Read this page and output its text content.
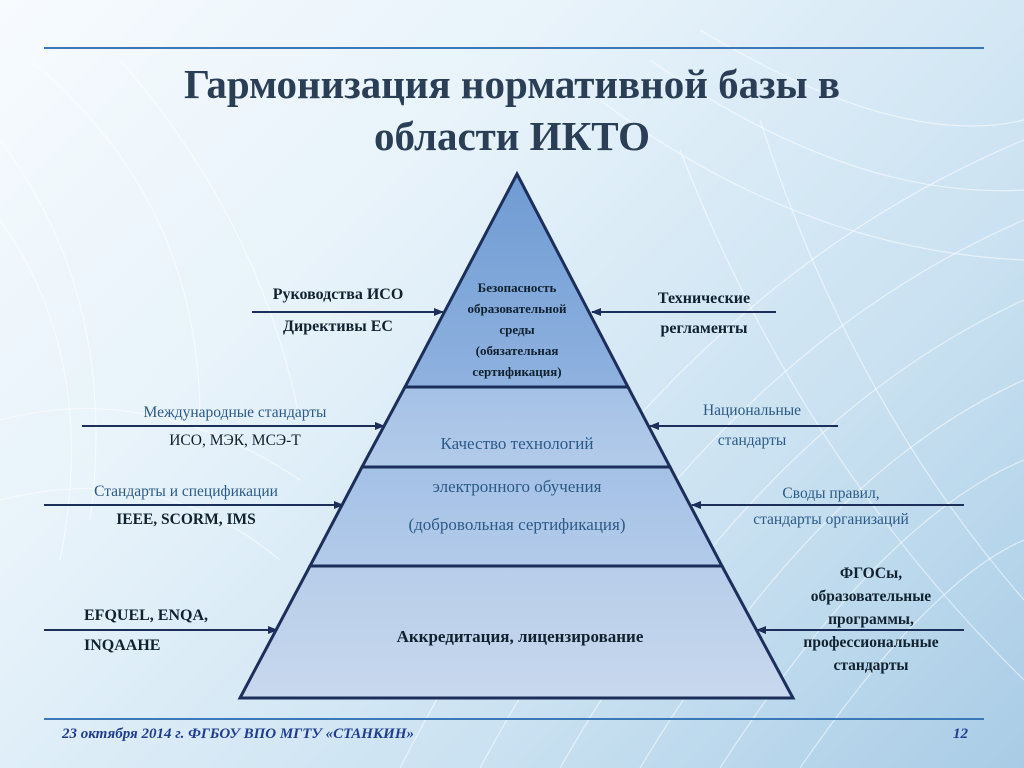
Гармонизация нормативной базы в
области ИКТО
Безопасность
образовательной
среды
(обязательная
сертификация)
Качество технологий
электронного обучения
(добровольная сертификация)
Аккредитация, лицензирование
Руководства ИСО
Директивы ЕС
Международные стандарты
ИСО, МЭК, МСЭ-Т
Стандарты и спецификации
IEEE, SCORM, IMS
EFQUEL, ENQA,
INQAAHE
Технические
регламенты
Национальные
стандарты
Своды правил,
стандарты организаций
ФГОСы,
образовательные
программы,
профессиональные
стандарты
23 октября 2014 г. ФГБОУ ВПО МГТУ «СТАНКИН»	12
